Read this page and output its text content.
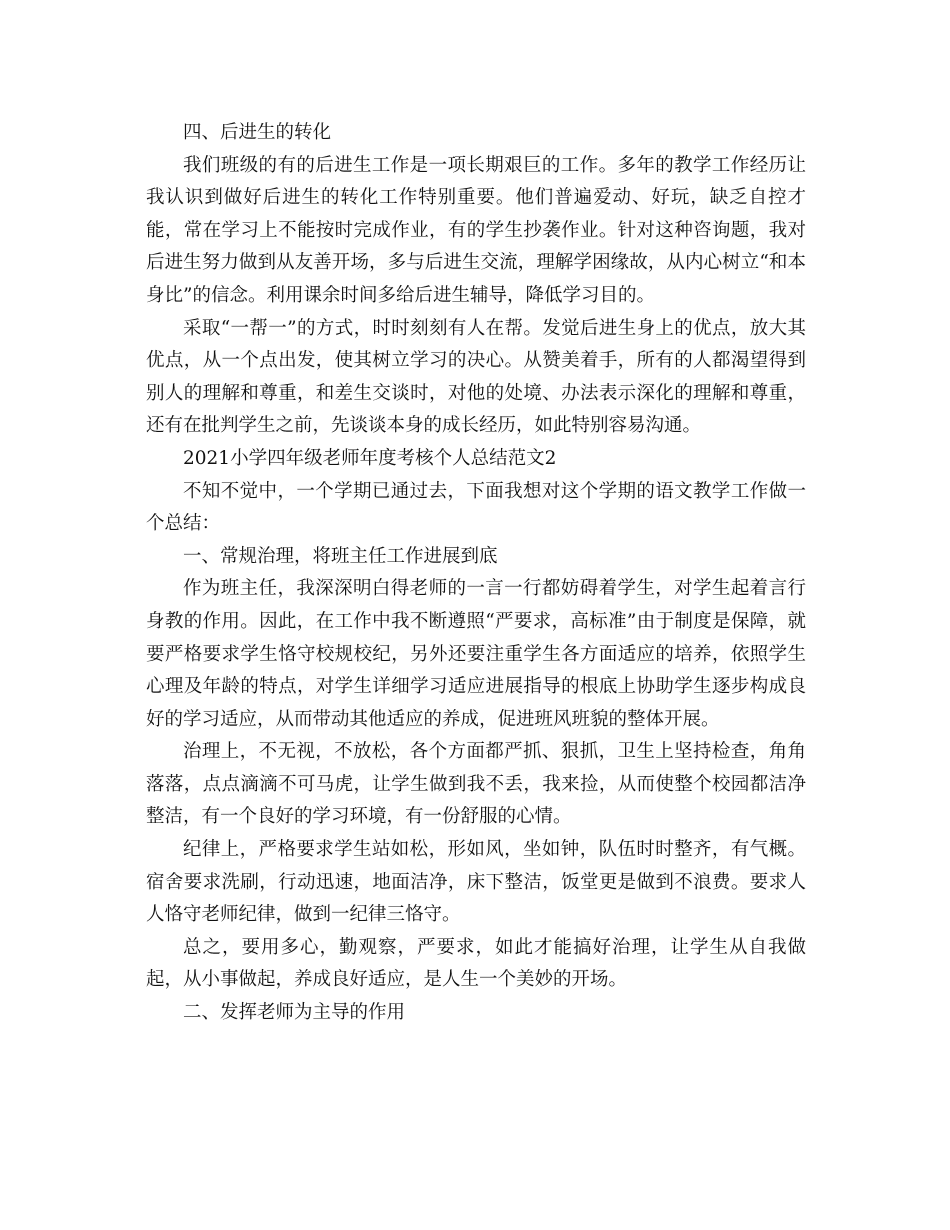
四、后进生的转化

我们班级的有的后进生工作是一项长期艰巨的工作。多年的教学工作经历让我认识到做好后进生的转化工作特别重要。他们普遍爱动、好玩，缺乏自控才能，常在学习上不能按时完成作业，有的学生抄袭作业。针对这种咨询题，我对后进生努力做到从友善开场，多与后进生交流，理解学困缘故，从内心树立“和本身比”的信念。利用课余时间多给后进生辅导，降低学习目的。

采取“一帮一”的方式，时时刻刻有人在帮。发觉后进生身上的优点，放大其优点，从一个点出发，使其树立学习的决心。从赞美着手，所有的人都渴望得到别人的理解和尊重，和差生交谈时，对他的处境、办法表示深化的理解和尊重，还有在批判学生之前，先谈谈本身的成长经历，如此特别容易沟通。

2021小学四年级老师年度考核个人总结范文2

不知不觉中，一个学期已通过去，下面我想对这个学期的语文教学工作做一个总结：

一、常规治理，将班主任工作进展到底

作为班主任，我深深明白得老师的一言一行都妨碍着学生，对学生起着言行身教的作用。因此，在工作中我不断遵照“严要求，高标准”由于制度是保障，就要严格要求学生恪守校规校纪，另外还要注重学生各方面适应的培养，依照学生心理及年龄的特点，对学生详细学习适应进展指导的根底上协助学生逐步构成良好的学习适应，从而带动其他适应的养成，促进班风班貌的整体开展。

治理上，不无视，不放松，各个方面都严抓、狠抓，卫生上坚持检查，角角落落，点点滴滴不可马虎，让学生做到我不丢，我来捡，从而使整个校园都洁净整洁，有一个良好的学习环境，有一份舒服的心情。

纪律上，严格要求学生站如松，形如风，坐如钟，队伍时时整齐，有气概。宿舍要求洗刷，行动迅速，地面洁净，床下整洁，饭堂更是做到不浪费。要求人人恪守老师纪律，做到一纪律三恪守。

总之，要用多心，勤观察，严要求，如此才能搞好治理，让学生从自我做起，从小事做起，养成良好适应，是人生一个美妙的开场。

二、发挥老师为主导的作用
